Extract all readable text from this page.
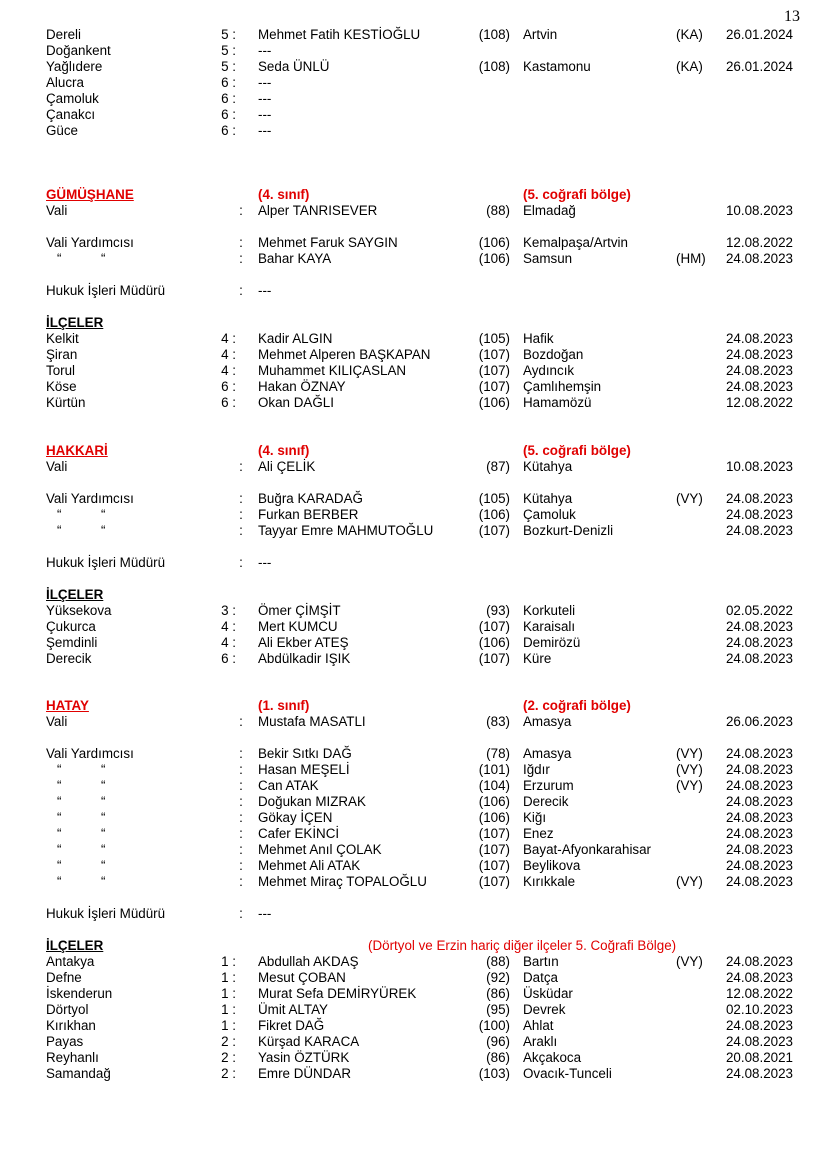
13
Dereli	5 : Mehmet Fatih KESTİOĞLU	(108) Artvin	(KA)	26.01.2024
Doğankent	5 : ---
Yağlıdere	5 : Seda ÜNLÜ	(108) Kastamonu	(KA)	26.01.2024
Alucra	6 : ---
Çamoluk	6 : ---
Çanakcı	6 : ---
Güce	6 : ---
GÜMÜŞHANE	(4. sınıf)	(5. coğrafi bölge)
Vali	: Alper TANRISEVER	(88) Elmadağ	10.08.2023
Vali Yardımcısı	: Mehmet Faruk SAYGIN	(106) Kemalpaşa/Artvin	12.08.2022
“	“	: Bahar KAYA	(106) Samsun	(HM)	24.08.2023
Hukuk İşleri Müdürü	: ---
İLÇELER
Kelkit	4 : Kadir ALGIN	(105) Hafik	24.08.2023
Şiran	4 : Mehmet Alperen BAŞKAPAN	(107) Bozdoğan	24.08.2023
Torul	4 : Muhammet KILIÇASLAN	(107) Aydıncık	24.08.2023
Köse	6 : Hakan ÖZNAY	(107) Çamlıhemşin	24.08.2023
Kürtün	6 : Okan DAĞLI	(106) Hamamözü	12.08.2022
HAKKARİ	(4. sınıf)	(5. coğrafi bölge)
Vali	: Ali ÇELİK	(87) Kütahya	10.08.2023
Vali Yardımcısı	: Buğra KARADAĞ	(105) Kütahya	(VY)	24.08.2023
“	“	: Furkan BERBER	(106) Çamoluk	24.08.2023
“	“	: Tayyar Emre MAHMUTOĞLU	(107) Bozkurt-Denizli	24.08.2023
Hukuk İşleri Müdürü	: ---
İLÇELER
Yüksekova	3 : Ömer ÇİMŞİT	(93) Korkuteli	02.05.2022
Çukurca	4 : Mert KUMCU	(107) Karaisalı	24.08.2023
Şemdinli	4 : Ali Ekber ATEŞ	(106) Demirözü	24.08.2023
Derecik	6 : Abdülkadir IŞIK	(107) Küre	24.08.2023
HATAY	(1. sınıf)	(2. coğrafi bölge)
Vali	: Mustafa MASATLI	(83) Amasya	26.06.2023
Vali Yardımcısı	: Bekir Sıtkı DAĞ	(78) Amasya	(VY)	24.08.2023
“	“	: Hasan MEŞELİ	(101) Iğdır	(VY)	24.08.2023
“	“	: Can ATAK	(104) Erzurum	(VY)	24.08.2023
“	“	: Doğukan MIZRAK	(106) Derecik	24.08.2023
“	“	: Gökay İÇEN	(106) Kiğı	24.08.2023
“	“	: Cafer EKİNCİ	(107) Enez	24.08.2023
“	“	: Mehmet Anıl ÇOLAK	(107) Bayat-Afyonkarahisar	24.08.2023
“	“	: Mehmet Ali ATAK	(107) Beylikova	24.08.2023
“	“	: Mehmet Miraç TOPALOĞLU	(107) Kırıkkale	(VY)	24.08.2023
Hukuk İşleri Müdürü	: ---
İLÇELER	(Dörtyol ve Erzin hariç diğer ilçeler 5. Coğrafi Bölge)
Antakya	1 : Abdullah AKDAŞ	(88) Bartın	(VY)	24.08.2023
Defne	1 : Mesut ÇOBAN	(92) Datça	24.08.2023
İskenderun	1 : Murat Sefa DEMİRYÜREK	(86) Üsküdar	12.08.2022
Dörtyol	1 : Ümit ALTAY	(95) Devrek	02.10.2023
Kırıkhan	1 : Fikret DAĞ	(100) Ahlat	24.08.2023
Payas	2 : Kürşad KARACA	(96) Araklı	24.08.2023
Reyhanlı	2 : Yasin ÖZTÜRK	(86) Akçakoca	20.08.2021
Samandağ	2 : Emre DÜNDAR	(103) Ovacık-Tunceli	24.08.2023
